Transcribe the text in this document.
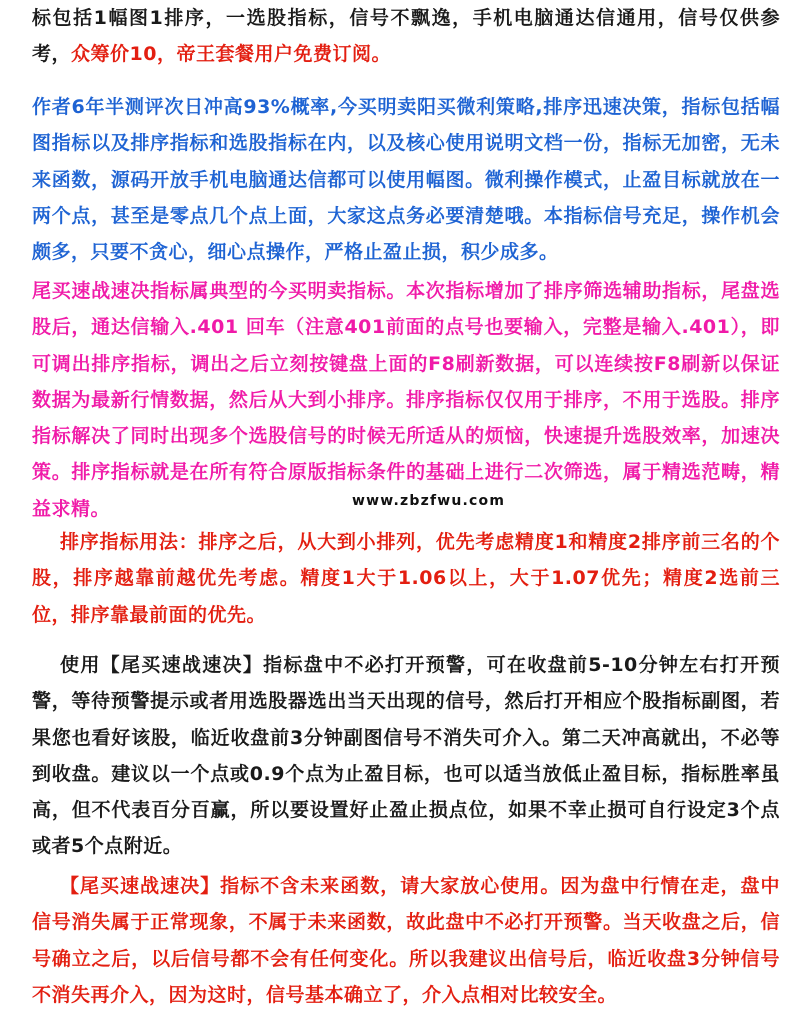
标包括1幅图1排序，一选股指标，信号不飘逸，手机电脑通达信通用，信号仅供参考，众筹价10，帝王套餐用户免费订阅。

作者6年半测评次日冲高93%概率,今买明卖阳买微利策略,排序迅速决策，指标包括幅图指标以及排序指标和选股指标在内，以及核心使用说明文档一份，指标无加密，无未来函数，源码开放手机电脑通达信都可以使用幅图。微利操作模式，止盈目标就放在一两个点，甚至是零点几个点上面，大家这点务必要清楚哦。本指标信号充足，操作机会颇多，只要不贪心，细心点操作，严格止盈止损，积少成多。

尾买速战速决指标属典型的今买明卖指标。本次指标增加了排序筛选辅助指标，尾盘选股后，通达信输入.401 回车（注意401前面的点号也要输入，完整是输入.401），即可调出排序指标，调出之后立刻按键盘上面的F8刷新数据，可以连续按F8刷新以保证数据为最新行情数据，然后从大到小排序。排序指标仅仅用于排序，不用于选股。排序指标解决了同时出现多个选股信号的时候无所适从的烦恼，快速提升选股效率，加速决策。排序指标就是在所有符合原版指标条件的基础上进行二次筛选，属于精选范畴，精益求精。	www.zbzfwu.com

排序指标用法：排序之后，从大到小排列，优先考虑精度1和精度2排序前三名的个股，排序越靠前越优先考虑。精度1大于1.06以上，大于1.07优先；精度2选前三位，排序靠最前面的优先。

使用【尾买速战速决】指标盘中不必打开预警，可在收盘前5-10分钟左右打开预警，等待预警提示或者用选股器选出当天出现的信号，然后打开相应个股指标副图，若果您也看好该股，临近收盘前3分钟副图信号不消失可介入。第二天冲高就出，不必等到收盘。建议以一个点或0.9个点为止盈目标，也可以适当放低止盈目标，指标胜率虽高，但不代表百分百赢，所以要设置好止盈止损点位，如果不幸止损可自行设定3个点或者5个点附近。

【尾买速战速决】指标不含未来函数，请大家放心使用。因为盘中行情在走，盘中信号消失属于正常现象，不属于未来函数，故此盘中不必打开预警。当天收盘之后，信号确立之后，以后信号都不会有任何变化。所以我建议出信号后，临近收盘3分钟信号不消失再介入，因为这时，信号基本确立了，介入点相对比较安全。
